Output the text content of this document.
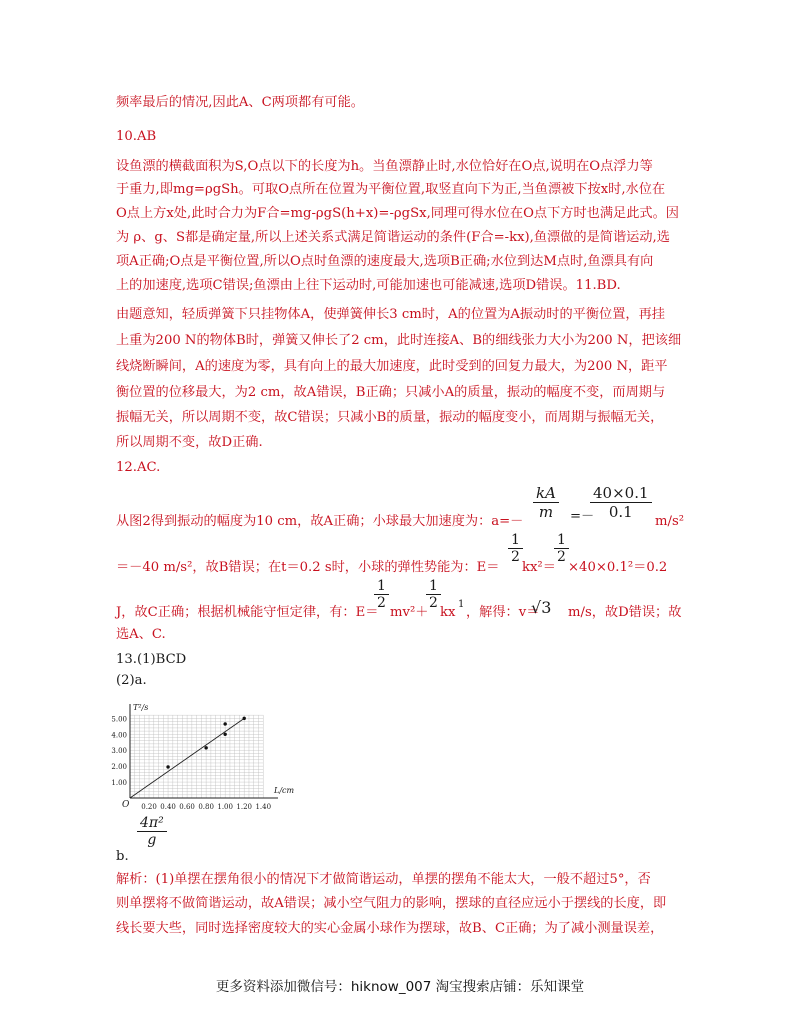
频率最后的情况,因此A、C两项都有可能。
10.AB
设鱼漂的横截面积为S,O点以下的长度为h。当鱼漂静止时,水位恰好在O点,说明在O点浮力等
于重力,即mg=ρgSh。可取O点所在位置为平衡位置,取竖直向下为正,当鱼漂被下按x时,水位在
O点上方x处,此时合力为F合=mg-ρgS(h+x)=-ρgSx,同理可得水位在O点下方时也满足此式。因
为 ρ、g、S都是确定量,所以上述关系式满足简谐运动的条件(F合=-kx),鱼漂做的是简谐运动,选
项A正确;O点是平衡位置,所以O点时鱼漂的速度最大,选项B正确;水位到达M点时,鱼漂具有向
上的加速度,选项C错误;鱼漂由上往下运动时,可能加速也可能减速,选项D错误。11.BD.
由题意知，轻质弹簧下只挂物体A，使弹簧伸长3 cm时，A的位置为A振动时的平衡位置，再挂
上重为200 N的物体B时，弹簧又伸长了2 cm，此时连接A、B的细线张力大小为200 N，把该细
线烧断瞬间，A的速度为零，具有向上的最大加速度，此时受到的回复力最大，为200 N，距平
衡位置的位移最大，为2 cm，故A错误，B正确；只减小A的质量，振动的幅度不变，而周期与
振幅无关，所以周期不变，故C错误；只减小B的质量，振动的幅度变小，而周期与振幅无关，
所以周期不变，故D正确.
12.AC.
从图2得到振动的幅度为10 cm，故A正确；小球最大加速度为：a=－
$\frac{kA}{m}$ =－
$\frac{40\times 0.1}{0.1}$
m/s²
＝－40 m/s²，故B错误；在t＝0.2 s时，小球的弹性势能为：E＝
$\frac{1}{2}$
kx²＝
$\frac{1}{2}$
×40×0.1²＝0.2
J，故C正确；根据机械能守恒定律，有：E＝
$\frac{1}{2}$
mv²＋
$\frac{1}{2}$
kx
1
，解得：v＝
√3 m/s，故D错误；故
选A、C.
13.(1)BCD
(2)a.
0.20 0.40 0.60 0.80 1.00 1.20 1.40
1.00
2.00
3.00
4.00
5.00
O
L/cm
T²/s
b.
$\frac{\text{4π²}}{g}$
解析：(1)单摆在摆角很小的情况下才做简谐运动，单摆的摆角不能太大，一般不超过5°，否
则单摆将不做简谐运动，故A错误；减小空气阻力的影响，摆球的直径应远小于摆线的长度，即
线长要大些，同时选择密度较大的实心金属小球作为摆球，故B、C正确；为了减小测量误差，
更多资料添加微信号：hiknow_007 淘宝搜索店铺：乐知课堂
